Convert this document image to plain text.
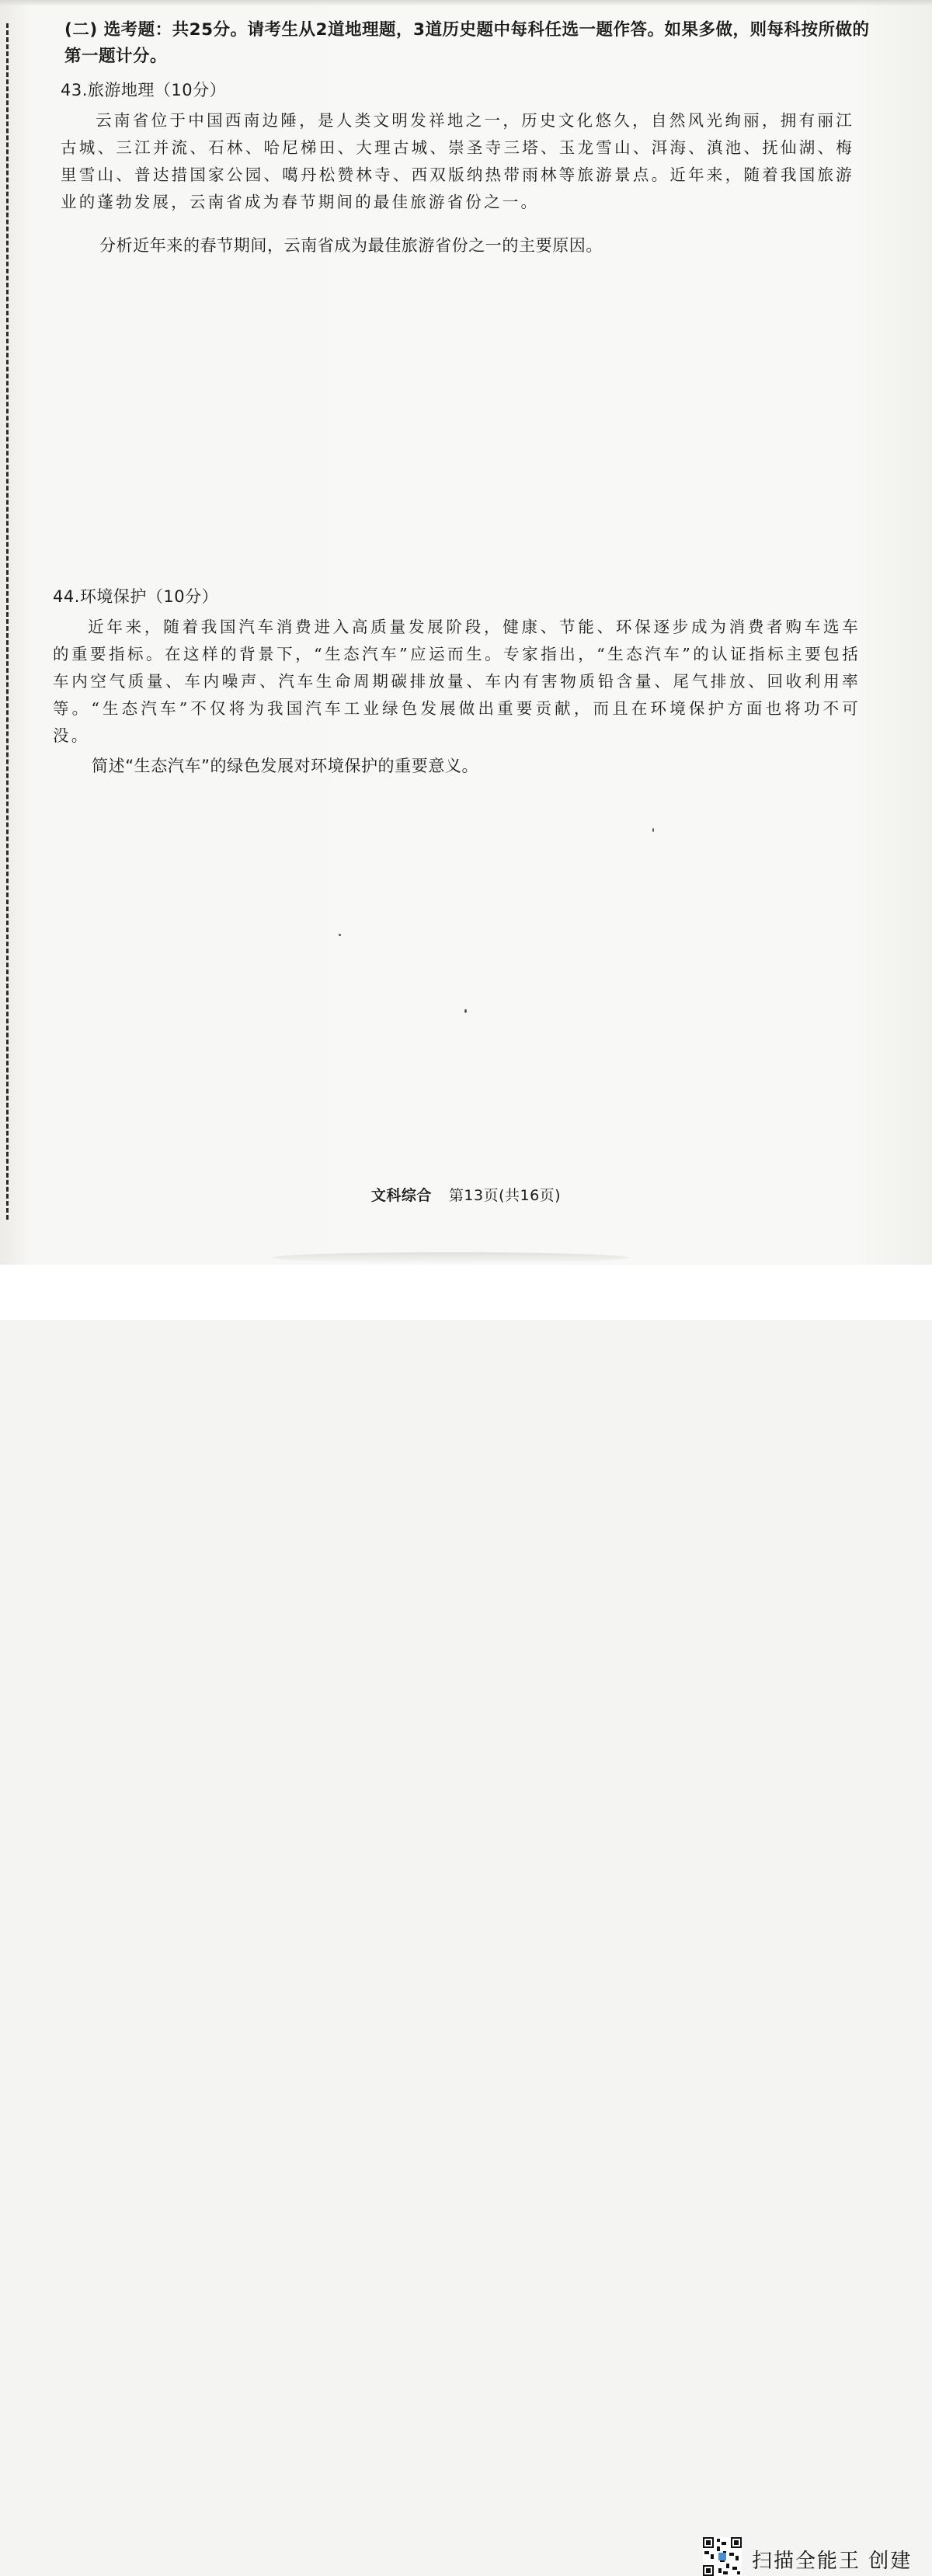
(二) 选考题：共25分。请考生从2道地理题，3道历史题中每科任选一题作答。如果多做，则每科按所做的第一题计分。
43.旅游地理（10分）

云南省位于中国西南边陲，是人类文明发祥地之一，历史文化悠久，自然风光绚丽，拥有丽江古城、三江并流、石林、哈尼梯田、大理古城、崇圣寺三塔、玉龙雪山、洱海、滇池、抚仙湖、梅里雪山、普达措国家公园、噶丹松赞林寺、西双版纳热带雨林等旅游景点。近年来，随着我国旅游业的蓬勃发展，云南省成为春节期间的最佳旅游省份之一。

分析近年来的春节期间，云南省成为最佳旅游省份之一的主要原因。
44.环境保护（10分）

近年来，随着我国汽车消费进入高质量发展阶段，健康、节能、环保逐步成为消费者购车选车的重要指标。在这样的背景下，“生态汽车”应运而生。专家指出，“生态汽车”的认证指标主要包括车内空气质量、车内噪声、汽车生命周期碳排放量、车内有害物质铅含量、尾气排放、回收利用率等。“生态汽车”不仅将为我国汽车工业绿色发展做出重要贡献，而且在环境保护方面也将功不可没。

简述“生态汽车”的绿色发展对环境保护的重要意义。
文科综合 第13页(共16页)
扫描全能王 创建
